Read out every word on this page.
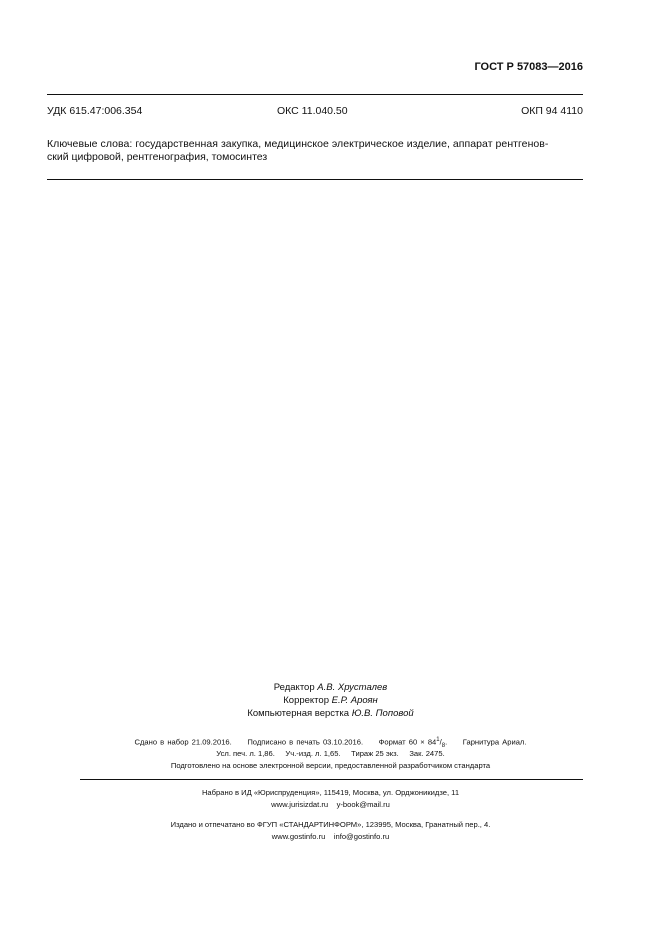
ГОСТ Р 57083—2016
УДК 615.47:006.354	ОКС 11.040.50	ОКП 94 4110
Ключевые слова: государственная закупка, медицинское электрическое изделие, аппарат рентгенов-
ский цифровой, рентгенография, томосинтез
Редактор А.В. Хрусталев
Корректор Е.Р. Ароян
Компьютерная верстка Ю.В. Поповой
Сдано в набор 21.09.2016. Подписано в печать 03.10.2016. Формат $60 \times 84^1/_8$. Гарнитура Ариал.
Усл. печ. л. 1,86. Уч.-изд. л. 1,65. Тираж 25 экз. Зак. 2475.
Подготовлено на основе электронной версии, предоставленной разработчиком стандарта
Набрано в ИД «Юриспруденция», 115419, Москва, ул. Орджоникидзе, 11
www.jurisizdat.ru y-book@mail.ru
Издано и отпечатано во ФГУП «СТАНДАРТИНФОРМ», 123995, Москва, Гранатный пер., 4.
www.gostinfo.ru info@gostinfo.ru
